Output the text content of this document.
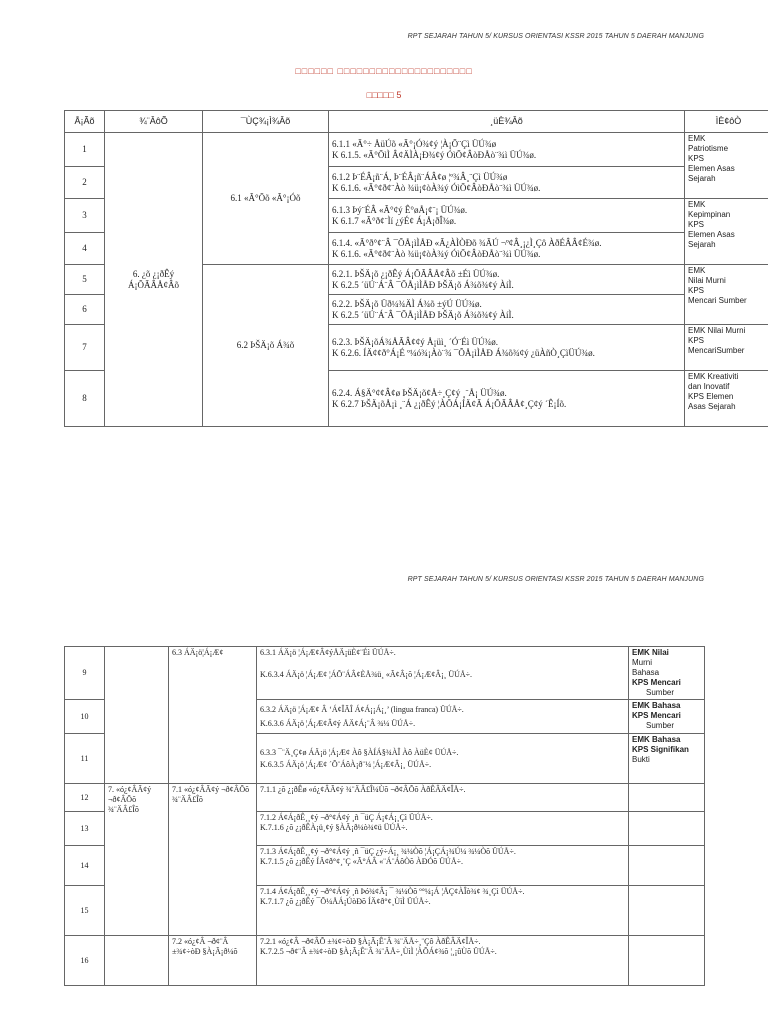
RPT SEJARAH TAHUN 5/ KURSUS ORIENTASI KSSR 2015 TAHUN 5 DAERAH MANJUNG
□□□□□□ □□□□□□□□□□□□□□□□□□□□□
□□□□□ 5
Å¡Ãõ	¾¨ÂôÕ	¯ÙÇ¾¡Ì¾Âõ	¸üÈ¾Âõ	ÌÈ¢ôÒ
1	6. ¿õ ¿¡ðÊý Á¡ÕÃÂÅ¢Âõ	6.1 «Ã°Õõ «Ã°¡Óõ	6.1.1 «Ã°÷ ÅüÚõ «Ã°¡Ó¾¢ý ¦À¡Õ¨Çì ÜÚ¾ø
K 6.1.5. «Ã°ÕìÌ Â¢ÄÌÀ¡Ð¾¢ý ÓìÕ¢ÂòÐÅò¨¾ì ÜÚ¾ø.	EMK
Patriotisme
KPS
Elemen Asas
Sejarah

2			6.1.2 Þ¨ÉÂ¡ñ¨Á, Þ¨ÉÂ¡ñ¨ÁÂ¢ø ¦º¾Â¸¨Çì ÜÚ¾ø
K 6.1.6. «Ã°¢ð¢¨Àò ¾ü¡¢òÀ¾ý ÓìÕ¢ÂòÐÅò¨¾ì ÜÚ¾ø.	

3			6.1.3 Þý¨ÉÂ «Ã°¢ý Ê°øÅ¡¢¨¡ ÜÚ¾ø.
K 6.1.7 «Ã°ð¢¨Ìí ¿ýÉ¢ Á¡Å¡ðÎ¾ø.	EMK
Kepimpinan
KPS
Elemen Asas
Sejarah

4			6.1.4. «Ã°ð°¢¨Â ¯ÕÅ¡ìÌÅÐ «Ã¿ÀÌÒÐõ ¾ÃÚ ¬º¢Â¸¡¿Ì¸Çô ÀðÉÂÂ¢É¾ø.
K 6.1.6. «Ã°¢ð¢¨Àò ¾ü¡¢òÀ¾ý ÓìÕ¢ÂòÐÅò¨¾ì ÜÚ¾ø.	

5		6.2 ÞŠÄ¡õ Á¾õ	6.2.1. ÞŠÄ¡õ ¿¡ðÊý Á¡ÕÃÂÅ¢Âõ ±Éì ÜÚ¾ø.
K 6.2.5 ´üÚ¨Á¨Â ¯ÕÅ¡ìÌÅÐ ÞŠÄ¡õ Á¾õ¾¢ý ÀíÌ.	EMK
Nilai Murni
KPS
Mencari Sumber

6			6.2.2. ÞŠÄ¡õ Üð¼¾ÄÌ Á¾õ ±ýÚ ÜÚ¾ø.
K 6.2.5 ´üÚ¨Á¨Â ¯ÕÅ¡ìÌÅÐ ÞŠÄ¡õ Á¾õ¾¢ý ÀíÌ.	

7			6.2.3. ÞŠÄ¡õÁ¾ÅÃÂ¢¢ý Å¡üì¸ ´Ó¨Éì ÜÚ¾ø.
K 6.2.6. ÍÄ¢¢ð°Á¡É º¼ó¾¡Àò¨¾ ¯ÕÅ¡ìÌÅÐ Á¾õ¾¢ý ¿üÀñÒ¸ÇìÜÚ¾ø.	EMK Nilai Murni
KPS
MencariSumber

8			6.2.4. Á§Ä°¢¢Â¢ø ÞŠÄ¡õ¢Å÷¸Ç¢ý ¸¨Å¡ ÜÚ¾ø.
K 6.2.7 ÞŠÄ¡õÅ¡ì ¸¨Á ¿¡ðÊý ¦ÀÕÁ¡ÍÄ¢Ã Á¡ÕÃÂÅ¢¸Ç¢ý ´Ê¡Íõ.	EMK Kreativiti
dan Inovatif
KPS Elemen
Asas Sejarah
RPT SEJARAH TAHUN 5/ KURSUS ORIENTASI KSSR 2015 TAHUN 5 DAERAH MANJUNG
9		6.3 ÁÄ¡ö¦Á¡Æ¢	6.3.1 ÁÄ¡ö ¦Á¡Æ¢Â¢ýÅÄ¡üÈ¢¨Éì ÜÚÅ÷.
K.6.3.4 ÁÄ¡ö ¦Á¡Æ¢ ¦ÁÕ¨ÁÂ¢ÈÅ¾ü¸ «Ã¢Â¡õ ¦Á¡Æ¢Â¡¸ ÜÚÅ÷.	EMK Nilai
Murni
Bahasa
KPS Mencari
Sumber

10			6.3.2 ÁÄ¡ö ¦Á¡Æ¢ Â ‘Á¢ÎÃÎ Á¢Á¡¡Á¡¸’ (lingua franca) ÜÚÅ÷.
K.6.3.6 ÁÄ¡ö ¦Á¡Æ¢Â¢ý ÅÄ¢Á¡¨Â ¾¼ ÜÚÅ÷.	EMK Bahasa
KPS Mencari
Sumber

11			6.3.3 ¯¨Ä¸Ç¢ø ÁÄ¡ö ¦Á¡Æ¢ Àô §ÀÍÁ§¾ÀÎ Àô ÀüÈ¢ ÜÚÅ÷.
K.6.3.5 ÁÄ¡ö ¦Á¡Æ¢ ´Õ¨ÁôÀ¡ð¨¼ ¦Á¡Æ¢Â¡¸ ÜÚÅ÷.	EMK Bahasa
KPS Signifikan
Bukti

12	7. «ó¿¢ÂÃ¢ý ¬ð¢ÂÕõ ¾¨ÄÂ£Îõ	7.1 «ó¿¢ÂÃ¢ý ¬ð¢ÂÕõ ¾¨ÄÂ£Îõ	7.1.1 ¿õ ¿¡ðÊø «ó¿¢ÂÃ¢ý ¾¨ÄÂ£Î¼Ùõ ¬ð¢ÂÕõ ÀðÊÂÄ¢ÎÅ÷.	

13			7.1.2 Á¢Á¡ðÊ¸¸¢ý ¬ð°¢Á¢ý ¸ñ ¯üÇ Á¡¢Á¡¸Çì ÜÚÅ÷.
K.7.1.6 ¿õ ¿¡ðÊÀ¡ü¸¢ý §ÀÃ¡ð¼ò¾¢ü ÜÚÅ÷.	

14			7.1.3 Á¢Á¡ðÊ¸¸¢ý ¬ð°¢Á¢ý ¸ñ ¯üÇ ¿ý÷Á¡¸ ¾¼Òõ ¦Á¡ÇÁ¡¾Ú¼ ¾¼Òõ ÜÚÅ÷.
K.7.1.5 ¿õ ¿¡ðÊý ÍÄ¢ð°¢¸¨Ç «Ã°ÁÂ «¨Á¨ÁôÒõ ÀÐÓõ ÜÚÅ÷.	

15			7.1.4 Á¢Á¡ðÊ¸¸¢ý ¬ð°¢Á¢ý ¸ñ Þó¾¢Â¡ ¯ ¾¼Òõ º°¼¡Á ¦ÅÇ¢ÀÎò¾¢ ¾¸Çì ÜÚÅ÷.
K.7.1.7 ¿õ ¿¡ðÊý ¯Õ¼ÅÁ¡ÚòÐõ ÍÄ¢ð°¢¸ÙìÌ ÜÚÅ÷.	

16		7.2 «ó¿¢Â ¬ð¢¨Â ±¾¢÷òÐ §À¡Ã¡ð¼õ	7.2.1 «ó¿¢Â ¬ð¢ÂÕ ±¾¢÷òÐ §À¡Ã¡Ê¨Â ¾¨ÄÅ÷¸¨Çô ÀðÊÂÄ¢ÎÅ÷.
K.7.2.5 ¬ð¢¨Â ±¾¢÷òÐ §À¡Ã¡Ê¨Â ¾¨ÄÅ÷¸ÙìÌ ¦ÀÕÁ¢¾õ ¦¸¡ûÙõ ÜÚÅ÷.	
